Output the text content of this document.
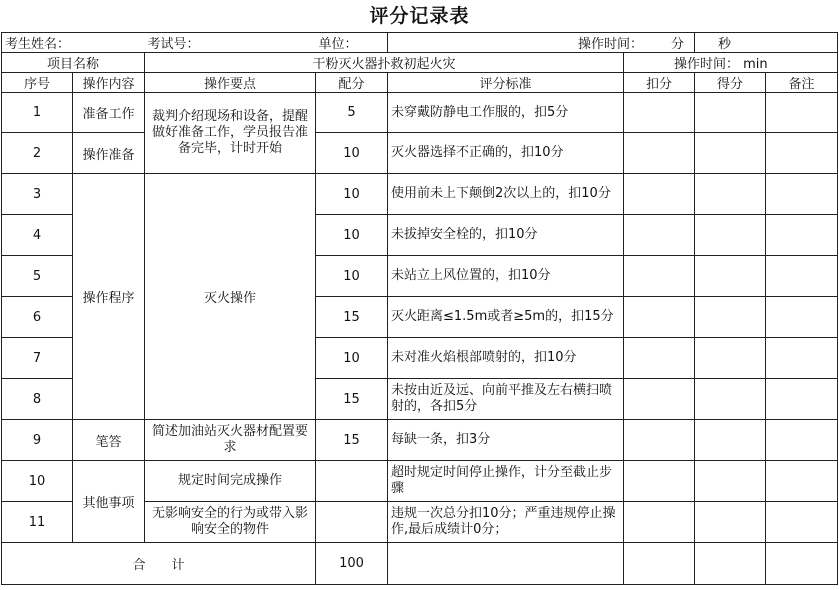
评分记录表
考生姓名：		考试号：	单位：	操作时间： 分 秒			
项目名称		干粉灭火器扑救初起火灾			操作时间： min		
序号	操作内容	操作要点	配分	评分标准	扣分	得分	备注
1	准备工作	裁判介绍现场和设备，提醒做好准备工作，学员报告准备完毕，计时开始	5	未穿戴防静电工作服的，扣5分			
2	操作准备		10	灭火器选择不正确的，扣10分			
3	操作程序	灭火操作	10	使用前未上下颠倒2次以上的，扣10分			
4			10	未拔掉安全栓的，扣10分			
5			10	未站立上风位置的，扣10分			
6			15	灭火距离≤1.5m或者≥5m的，扣15分			
7			10	未对准火焰根部喷射的，扣10分			
8			15	未按由近及远、向前平推及左右横扫喷射的，各扣5分			
9	笔答	简述加油站灭火器材配置要求	15	每缺一条，扣3分			
10	其他事项	规定时间完成操作		超时规定时间停止操作，计分至截止步骤			
11		无影响安全的行为或带入影响安全的物件		违规一次总分扣10分；严重违规停止操作,最后成绩计0分；			
合　　计			100				
